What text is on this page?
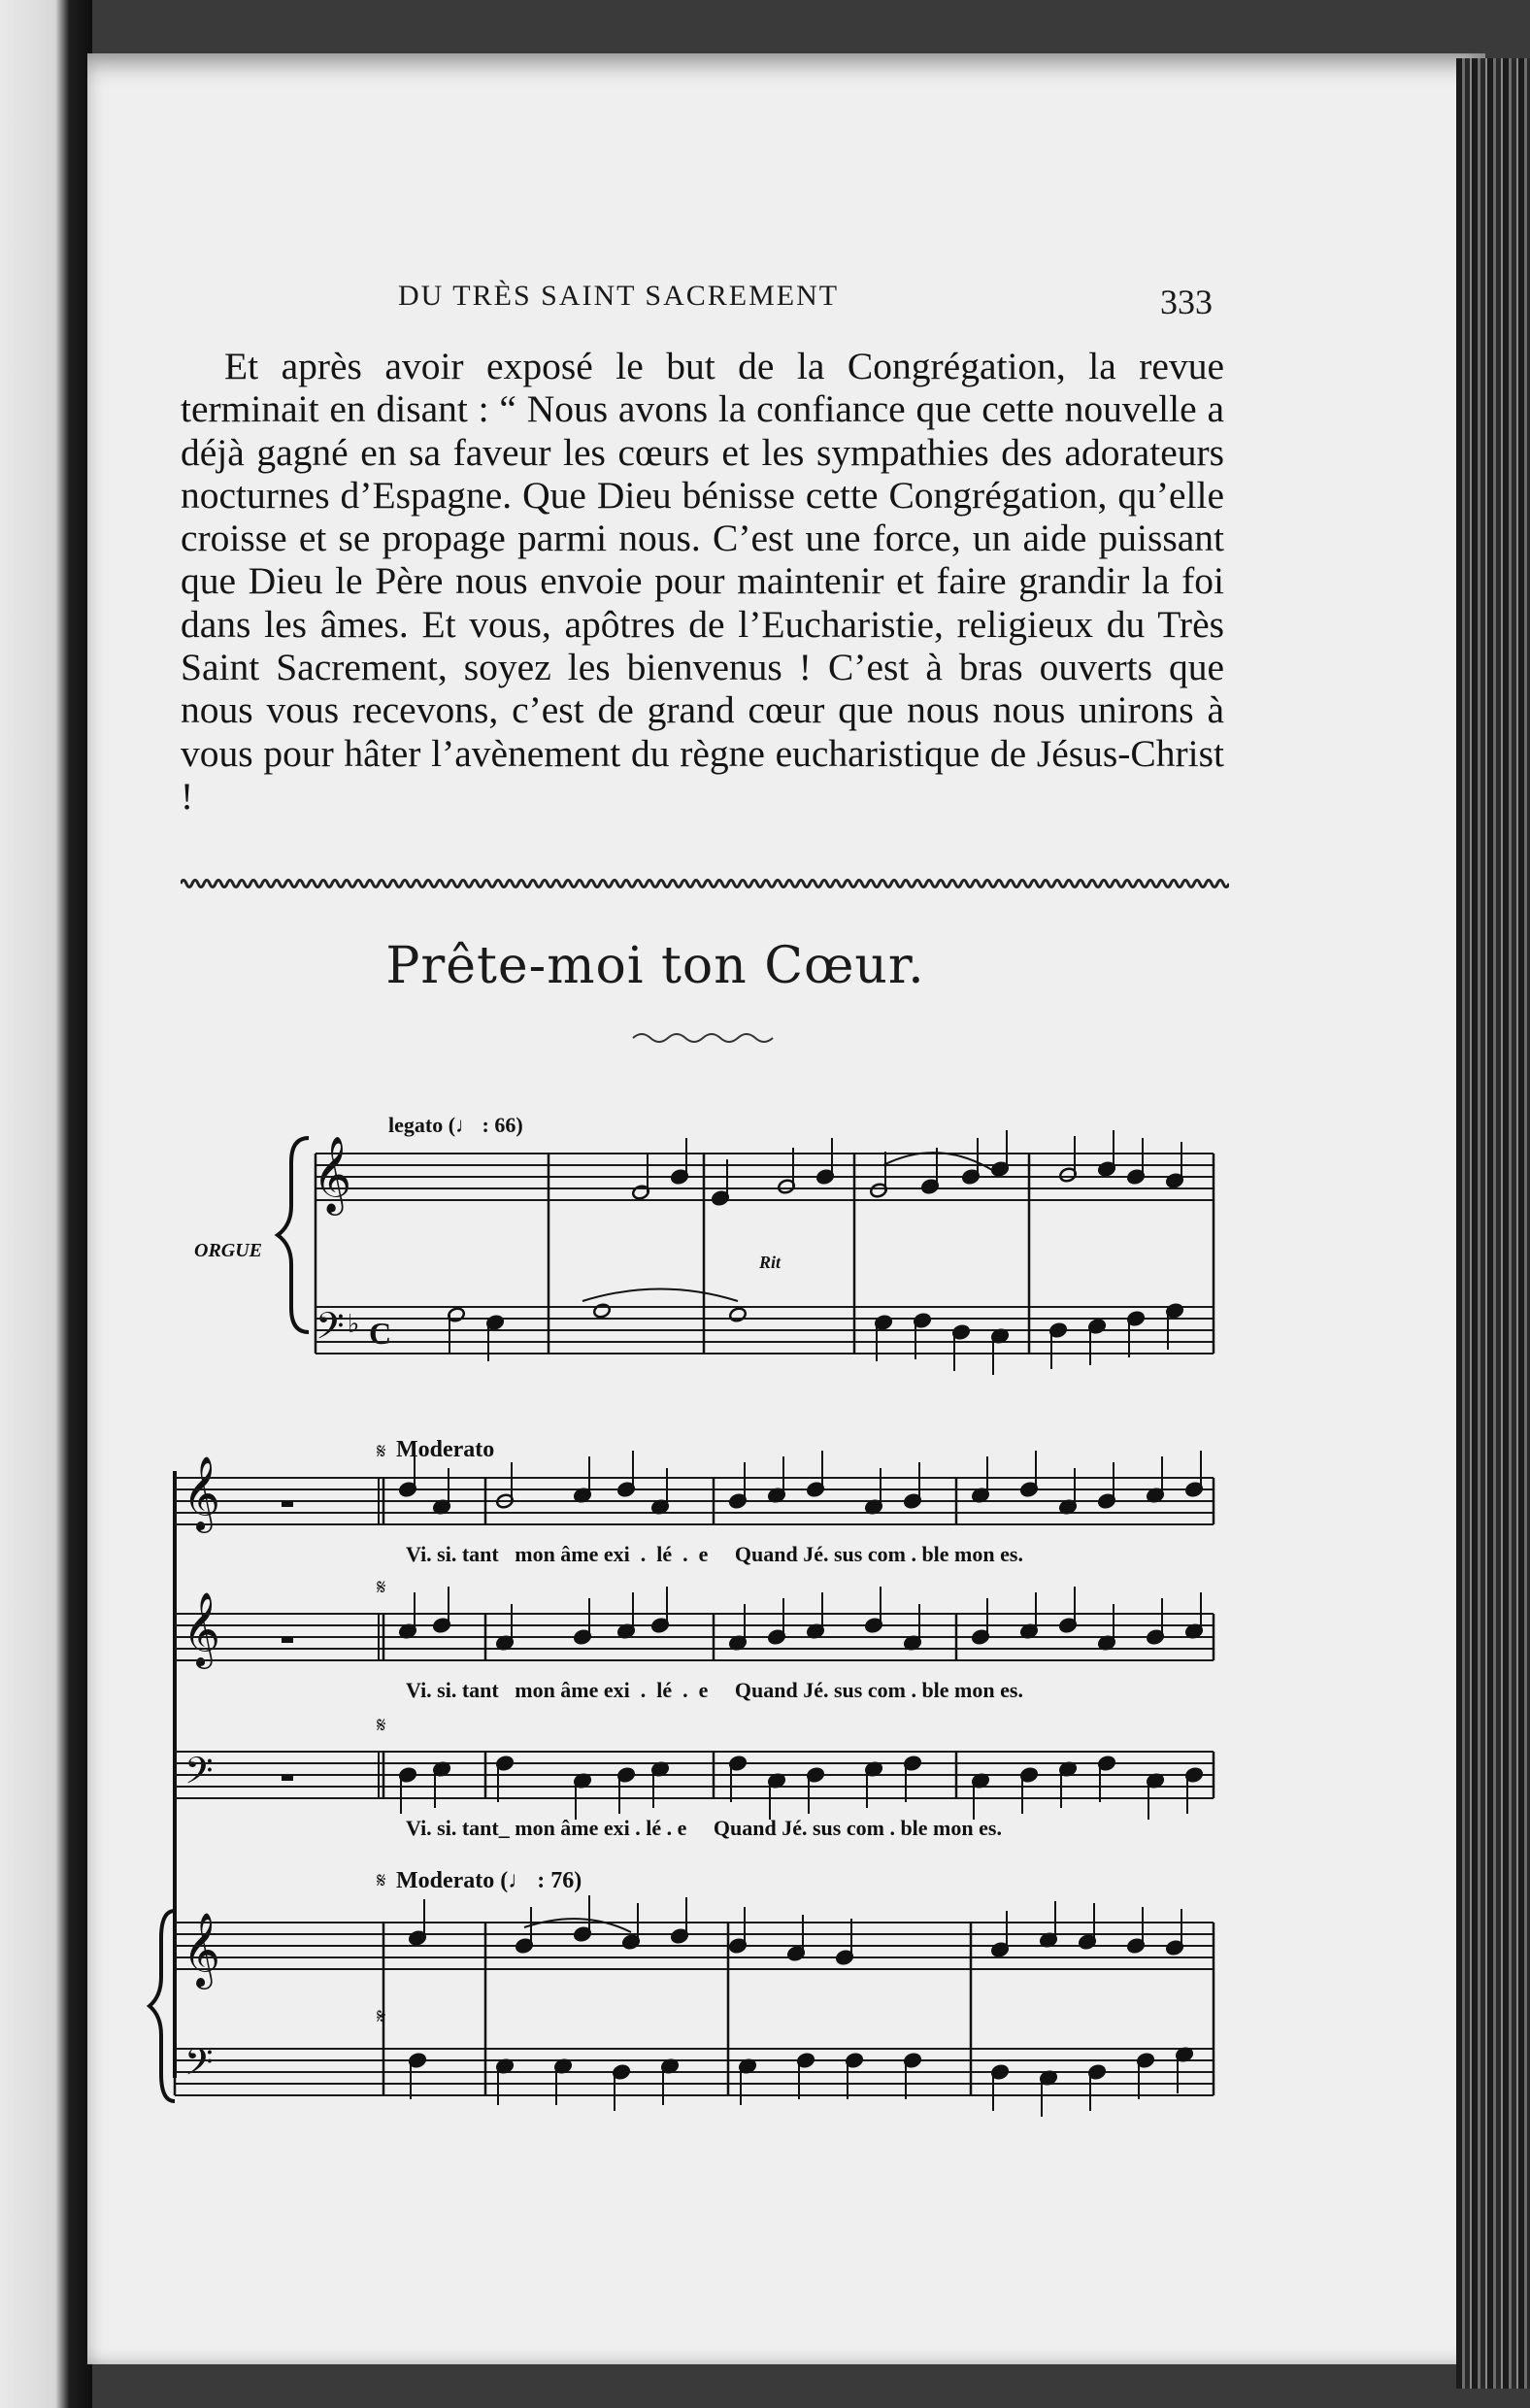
DU TRÈS SAINT SACREMENT	333

Et après avoir exposé le but de la Congrégation, la revue terminait en disant : “ Nous avons la confiance que cette nouvelle a déjà gagné en sa faveur les cœurs et les sympathies des adorateurs nocturnes d’Espagne. Que Dieu bénisse cette Congrégation, qu’elle croisse et se propage parmi nous. C’est une force, un aide puissant que Dieu le Père nous envoie pour maintenir et faire grandir la foi dans les âmes. Et vous, apôtres de l’Eucharistie, religieux du Très Saint Sacrement, soyez les bienvenus ! C’est à bras ouverts que nous vous recevons, c’est de grand cœur que nous nous unirons à vous pour hâter l’avènement du règne eucharistique de Jésus-Christ !

Prête-moi ton Cœur.
legato (♩ : 66)
ORGUE
Rit
𝄞
𝄢 ♭ C
𝄋 Moderato
Vi. si. tant   mon âme exi  .  lé  .  e     Quand Jé. sus com . ble mon es.
Vi. si. tant   mon âme exi  .  lé  .  e     Quand Jé. sus com . ble mon es.
Vi. si. tant_ mon âme exi . lé . e     Quand Jé. sus com . ble mon es.
𝄞
𝄞
𝄢
𝄋
𝄋
𝄋 Moderato (♩ : 76)
𝄞
𝄢
𝄋
